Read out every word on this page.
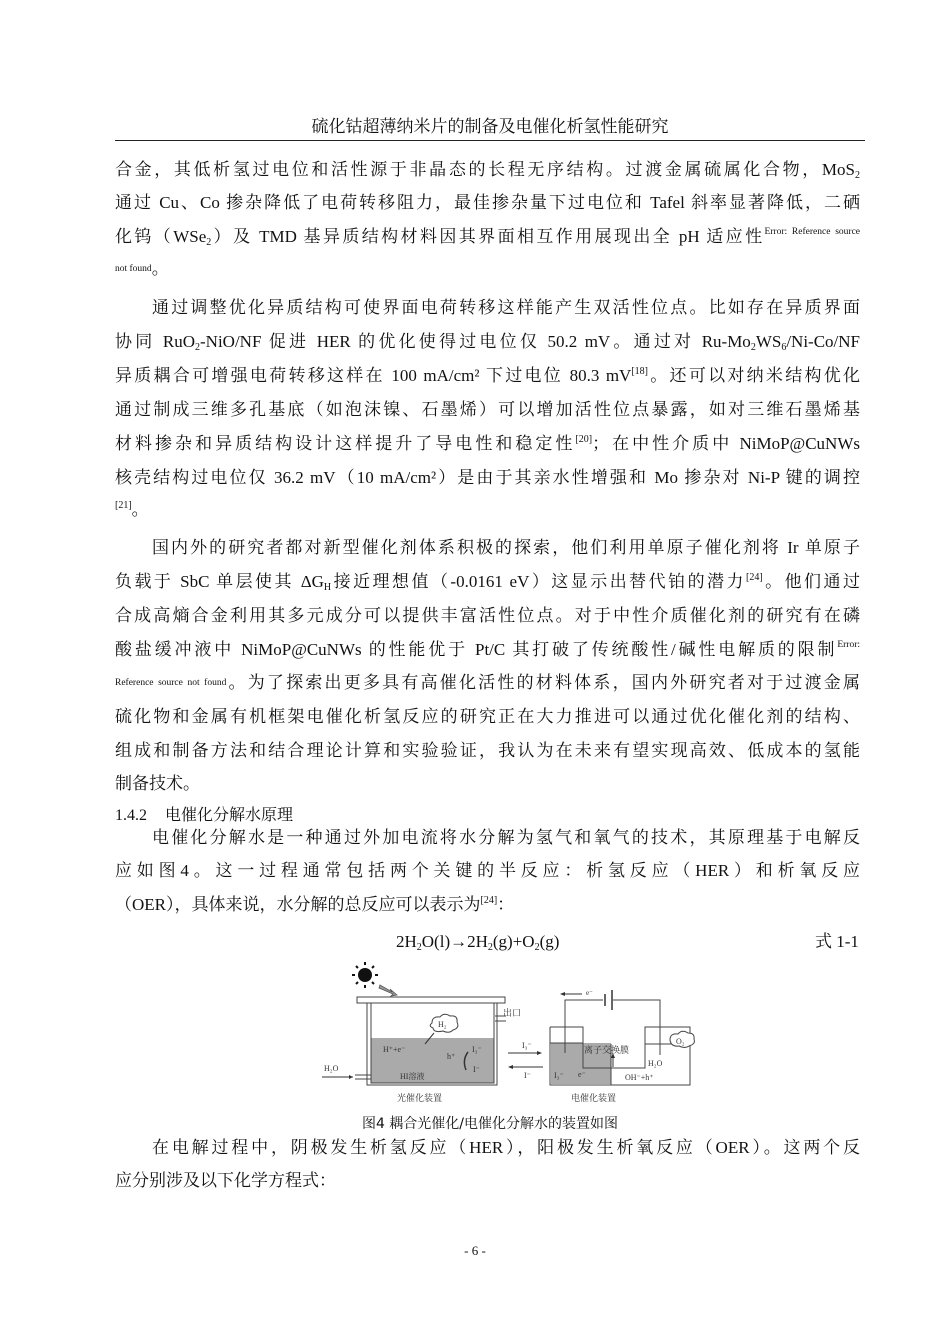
硫化钴超薄纳米片的制备及电催化析氢性能研究
合金，其低析氢过电位和活性源于非晶态的长程无序结构。过渡金属硫属化合物，MoS$_2$
通过 Cu、Co 掺杂降低了电荷转移阻力，最佳掺杂量下过电位和 Tafel 斜率显著降低，二硒
化钨（WSe$_2$）及 TMD 基异质结构材料因其界面相互作用展现出全 pH 适应性$^{Error: Reference source}$
not found。
通过调整优化异质结构可使界面电荷转移这样能产生双活性位点。比如存在异质界面
协同 RuO$_2$-NiO/NF 促进 HER 的优化使得过电位仅 50.2 mV。通过对 $Ru-Mo_2WS_6/Ni-Co/NF$
异质耦合可增强电荷转移这样在 100 mA/cm² 下过电位 80.3 mV[18]。还可以对纳米结构优化
通过制成三维多孔基底（如泡沫镍、石墨烯）可以增加活性位点暴露，如对三维石墨烯基
材料掺杂和异质结构设计这样提升了导电性和稳定性[20]；在中性介质中 NiMoP@CuNWs
核壳结构过电位仅 36.2 mV（10 mA/cm²）是由于其亲水性增强和 Mo 掺杂对 Ni-P 键的调控
[21]。
国内外的研究者都对新型催化剂体系积极的探索，他们利用单原子催化剂将 Ir 单原子
负载于 SbC 单层使其 $\Delta G_H$接近理想值（-0.0161 eV）这显示出替代铂的潜力[24]。他们通过
合成高熵合金利用其多元成分可以提供丰富活性位点。对于中性介质催化剂的研究有在磷
酸盐缓冲液中 NiMoP@CuNWs 的性能优于 Pt/C 其打破了传统酸性/碱性电解质的限制$^{Error:}$
Reference source not found。为了探索出更多具有高催化活性的材料体系，国内外研究者对于过渡金属
硫化物和金属有机框架电催化析氢反应的研究正在大力推进可以通过优化催化剂的结构、
组成和制备方法和结合理论计算和实验验证，我认为在未来有望实现高效、低成本的氢能
制备技术。
电催化分解水是一种通过外加电流将水分解为氢气和氧气的技术，其原理基于电解反
应如图4。这一过程通常包括两个关键的半反应：析氢反应（HER）和析氧反应
（OER），具体来说，水分解的总反应可以表示为[24]：
在电解过程中，阴极发生析氢反应（HER），阳极发生析氧反应（OER）。这两个反
应分别涉及以下化学方程式：
1.4.2 电催化分解水原理
$2H_2O(l)\to 2H_2(g)+O_2(g)$	式 1-1
出口
H₂
H⁺+e⁻
h⁺
I₃⁻
I⁻
HI溶液
H₂O
光催化装置
I₃⁻
I⁻
e⁻
离子交换膜
O₂
H₂O
OH⁻+h⁺
I₃⁻ e⁻
电催化装置
图4 耦合光催化/电催化分解水的装置如图
- 6 -
